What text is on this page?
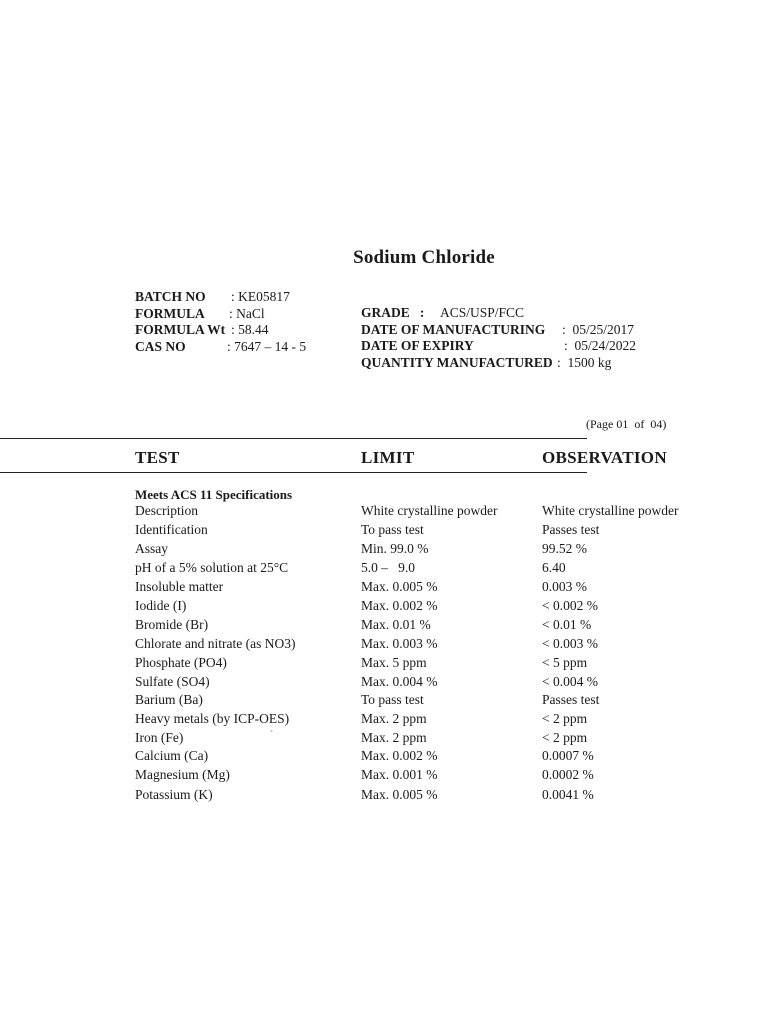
Sodium Chloride
BATCH NO : KE05817
FORMULA : NaCl
FORMULA Wt : 58.44
CAS NO	: 7647 – 14 - 5
GRADE   : ACS/USP/FCC
DATE OF MANUFACTURING :  05/25/2017
DATE OF EXPIRY	:  05/24/2022
QUANTITY MANUFACTURED :  1500 kg
(Page 01  of  04)
TEST	LIMIT	OBSERVATION
Meets ACS 11 Specifications
Description	White crystalline powder	White crystalline powder
Identification	To pass test	Passes test
Assay	Min. 99.0 %	99.52 %
pH of a 5% solution at 25°C	5.0 –   9.0	6.40
Insoluble matter	Max. 0.005 %	0.003 %
Iodide (I)	Max. 0.002 %	< 0.002 %
Bromide (Br)	Max. 0.01 %	< 0.01 %
Chlorate and nitrate (as NO3)	Max. 0.003 %	< 0.003 %
Phosphate (PO4)	Max. 5 ppm	< 5 ppm
Sulfate (SO4)	Max. 0.004 %	< 0.004 %
Barium (Ba)	To pass test	Passes test
Heavy metals (by ICP-OES)	Max. 2 ppm	< 2 ppm
Iron (Fe)	Max. 2 ppm	< 2 ppm
Calcium (Ca)	Max. 0.002 %	0.0007 %
Magnesium (Mg)	Max. 0.001 %	0.0002 %
Potassium (K)	Max. 0.005 %	0.0041 %
`
